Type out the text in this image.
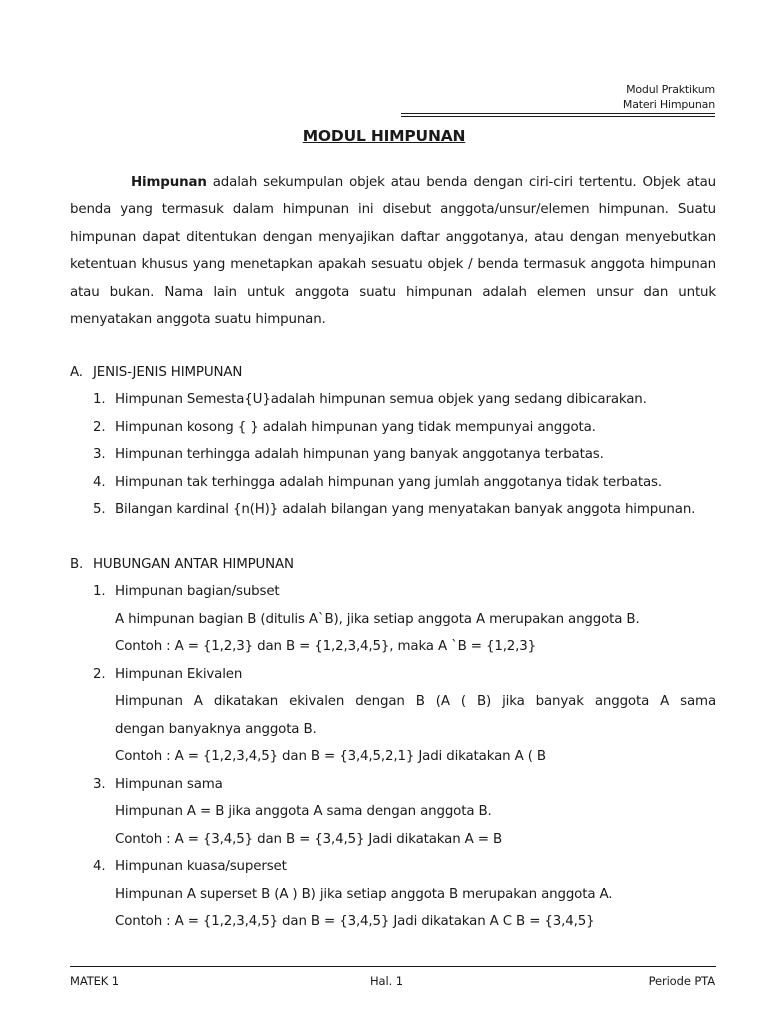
Modul Praktikum
Materi Himpunan
MODUL HIMPUNAN

Himpunan adalah sekumpulan objek atau benda dengan ciri-ciri tertentu. Objek atau benda yang termasuk dalam himpunan ini disebut anggota/unsur/elemen himpunan. Suatu himpunan dapat ditentukan dengan menyajikan daftar anggotanya, atau dengan menyebutkan ketentuan khusus yang menetapkan apakah sesuatu objek / benda termasuk anggota himpunan atau bukan. Nama lain untuk anggota suatu himpunan adalah elemen unsur dan untuk menyatakan anggota suatu himpunan.

A. JENIS-JENIS HIMPUNAN
1. Himpunan Semesta{U}adalah himpunan semua objek yang sedang dibicarakan.
2. Himpunan kosong { } adalah himpunan yang tidak mempunyai anggota.
3. Himpunan terhingga adalah himpunan yang banyak anggotanya terbatas.
4. Himpunan tak terhingga adalah himpunan yang jumlah anggotanya tidak terbatas.
5. Bilangan kardinal {n(H)} adalah bilangan yang menyatakan banyak anggota himpunan.
B. HUBUNGAN ANTAR HIMPUNAN
1. Himpunan bagian/subset
A himpunan bagian B (ditulis A`B), jika setiap anggota A merupakan anggota B.
Contoh : A = {1,2,3} dan B = {1,2,3,4,5}, maka A `B = {1,2,3}
2. Himpunan Ekivalen
Himpunan A dikatakan ekivalen dengan B (A ( B) jika banyak anggota A sama
dengan banyaknya anggota B.
Contoh : A = {1,2,3,4,5} dan B = {3,4,5,2,1} Jadi dikatakan A ( B
3. Himpunan sama
Himpunan A = B jika anggota A sama dengan anggota B.
Contoh : A = {3,4,5} dan B = {3,4,5} Jadi dikatakan A = B
4. Himpunan kuasa/superset
Himpunan A superset B (A ) B) jika setiap anggota B merupakan anggota A.
Contoh : A = {1,2,3,4,5} dan B = {3,4,5} Jadi dikatakan A C B = {3,4,5}
MATEK 1	Hal. 1	Periode PTA
